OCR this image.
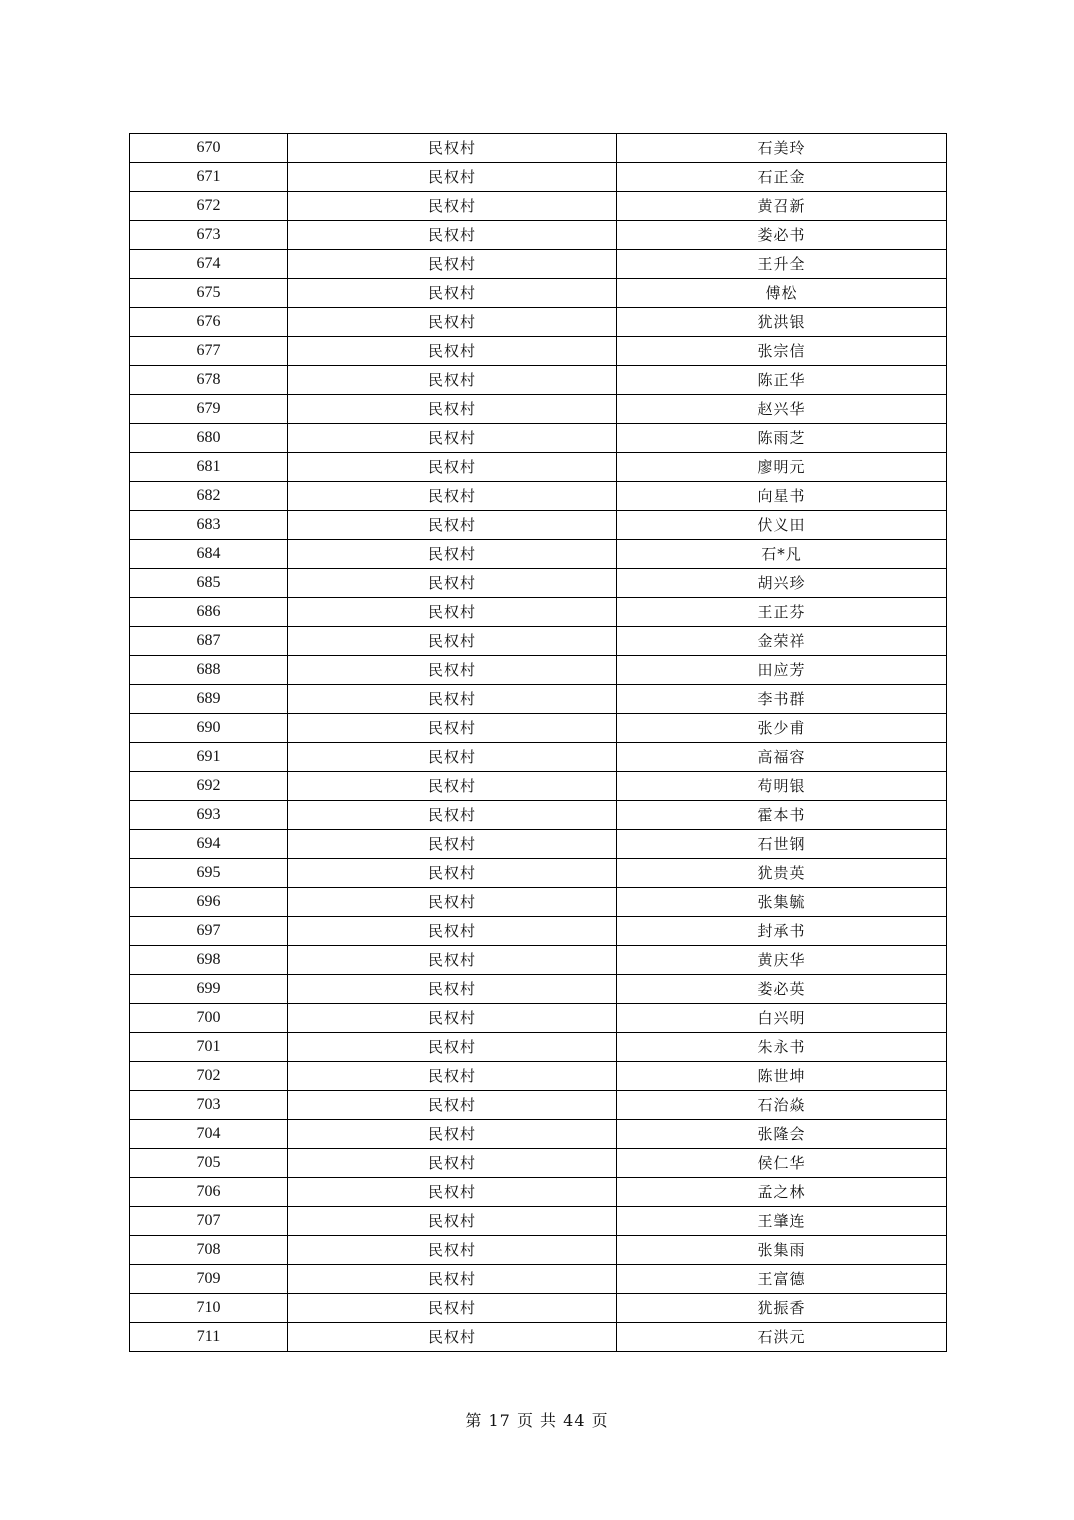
670	民权村	石美玲
671	民权村	石正金
672	民权村	黄召新
673	民权村	娄必书
674	民权村	王升全
675	民权村	傅松
676	民权村	犹洪银
677	民权村	张宗信
678	民权村	陈正华
679	民权村	赵兴华
680	民权村	陈雨芝
681	民权村	廖明元
682	民权村	向星书
683	民权村	伏义田
684	民权村	石*凡
685	民权村	胡兴珍
686	民权村	王正芬
687	民权村	金荣祥
688	民权村	田应芳
689	民权村	李书群
690	民权村	张少甫
691	民权村	高福容
692	民权村	苟明银
693	民权村	霍本书
694	民权村	石世钢
695	民权村	犹贵英
696	民权村	张集毓
697	民权村	封承书
698	民权村	黄庆华
699	民权村	娄必英
700	民权村	白兴明
701	民权村	朱永书
702	民权村	陈世坤
703	民权村	石治焱
704	民权村	张隆会
705	民权村	侯仁华
706	民权村	孟之林
707	民权村	王肇连
708	民权村	张集雨
709	民权村	王富德
710	民权村	犹振香
711	民权村	石洪元
第 17 页 共 44 页
